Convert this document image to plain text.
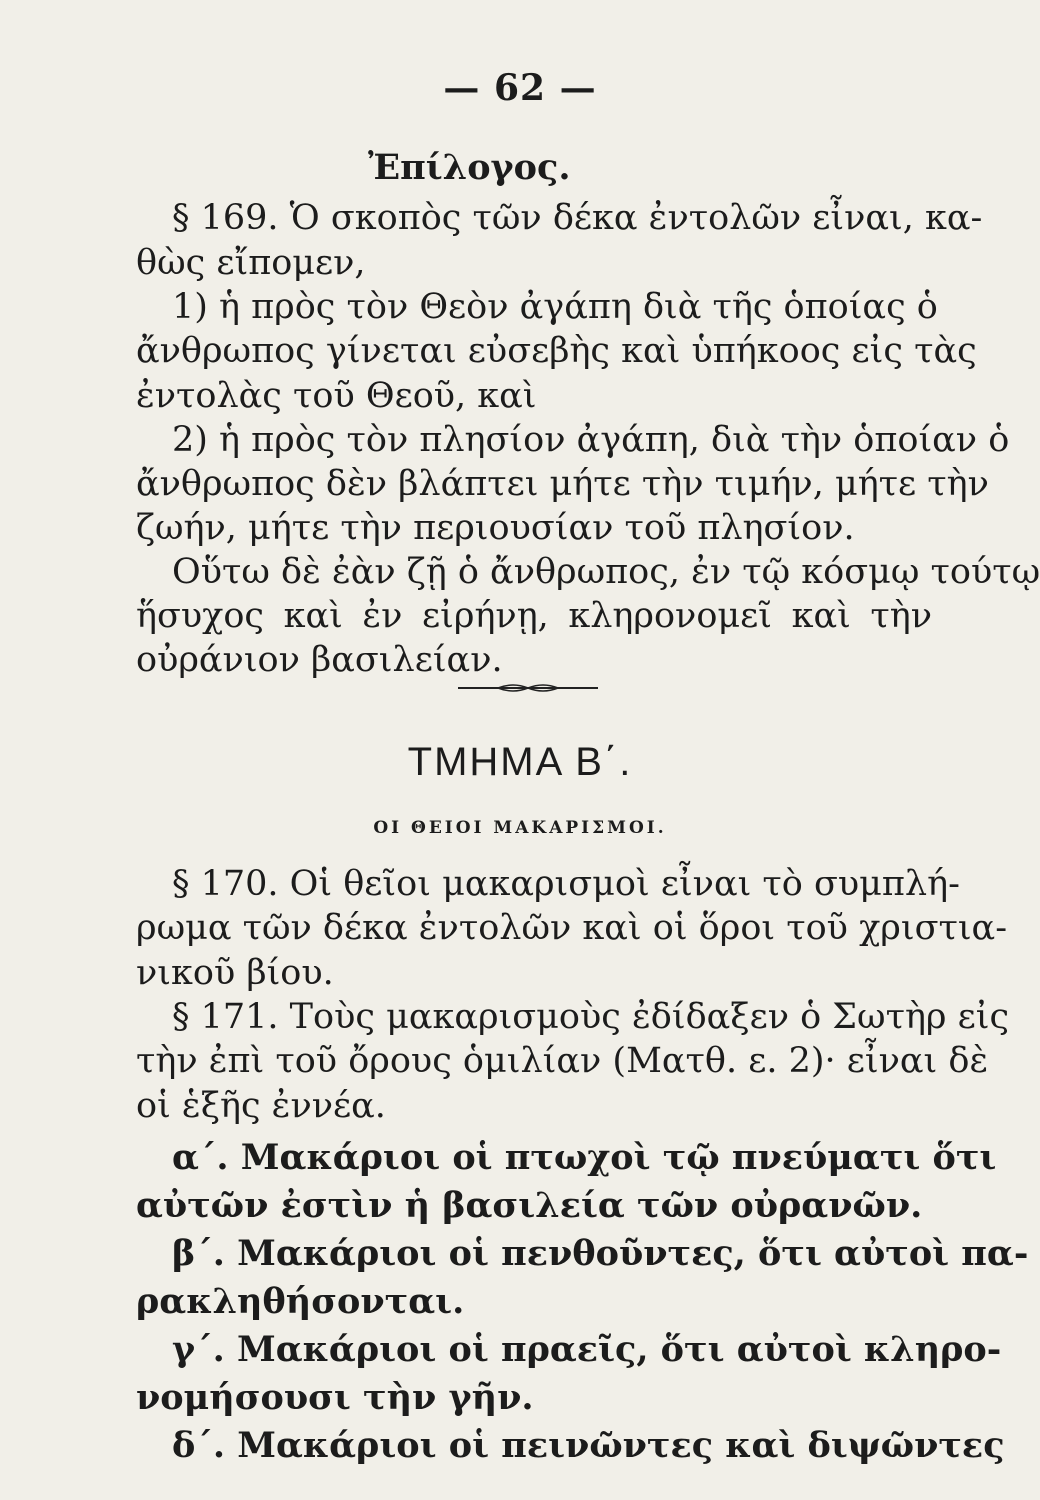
— 62 —
Ἐπίλογος.
§ 169. Ὁ σκοπὸς τῶν δέκα ἐντολῶν εἶναι, κα-
θὼς εἴπομεν,
1) ἡ πρὸς τὸν Θεὸν ἀγάπη διὰ τῆς ὁποίας ὁ
ἄνθρωπος γίνεται εὐσεβὴς καὶ ὑπήκοος εἰς τὰς
ἐντολὰς τοῦ Θεοῦ, καὶ
2) ἡ πρὸς τὸν πλησίον ἀγάπη, διὰ τὴν ὁποίαν ὁ
ἄνθρωπος δὲν βλάπτει μήτε τὴν τιμήν, μήτε τὴν
ζωήν, μήτε τὴν περιουσίαν τοῦ πλησίον.
Οὕτω δὲ ἐὰν ζῇ ὁ ἄνθρωπος, ἐν τῷ κόσμῳ τούτῳ
ἥσυχος καὶ ἐν εἰρήνῃ, κληρονομεῖ καὶ τὴν
οὐράνιον βασιλείαν.
ΤΜΗΜΑ Β΄.
ΟΙ ΘΕΙΟΙ ΜΑΚΑΡΙΣΜΟΙ.
§ 170. Οἱ θεῖοι μακαρισμοὶ εἶναι τὸ συμπλή-
ρωμα τῶν δέκα ἐντολῶν καὶ οἱ ὅροι τοῦ χριστια-
νικοῦ βίου.
§ 171. Τοὺς μακαρισμοὺς ἐδίδαξεν ὁ Σωτὴρ εἰς
τὴν ἐπὶ τοῦ ὄρους ὁμιλίαν (Ματθ. ε. 2)· εἶναι δὲ
οἱ ἑξῆς ἐννέα.
α΄. Μακάριοι οἱ πτωχοὶ τῷ πνεύματι ὅτι
αὐτῶν ἐστὶν ἡ βασιλεία τῶν οὐρανῶν.
β΄. Μακάριοι οἱ πενθοῦντες, ὅτι αὐτοὶ πα-
ρακληθήσονται.
γ΄. Μακάριοι οἱ πραεῖς, ὅτι αὐτοὶ κληρο-
νομήσουσι τὴν γῆν.
δ΄. Μακάριοι οἱ πεινῶντες καὶ διψῶντες
